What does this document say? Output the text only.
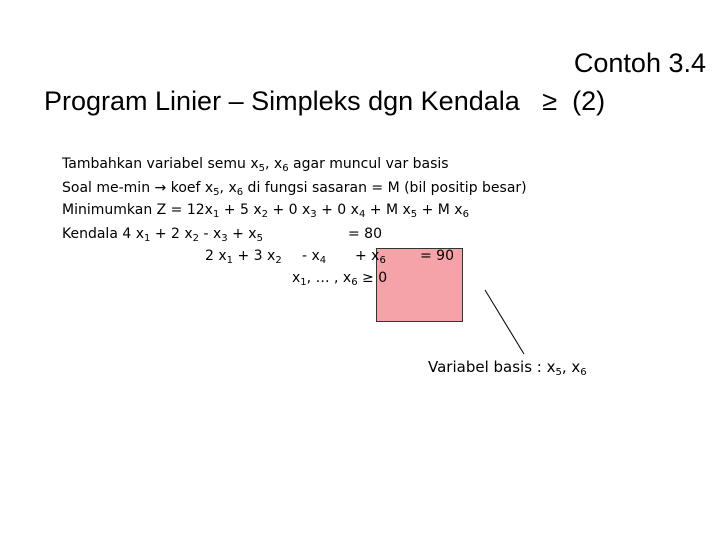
Contoh 3.4
Program Linier – Simpleks dgn Kendala ≥ (2)
Tambahkan variabel semu $x_5$, $x_6$ agar muncul var basis
Soal me-min → koef $x_5$, $x_6$ di fungsi sasaran = M (bil positip besar)
Minimumkan $Z = 12x_1 + 5$ $x_2 + 0$ $x_3 + 0$ $x_4 + M$ $x_5 + M$ $x_6$
Kendala 4 $x_1 + 2$ $x_2 - x_3 + x_5$	= 80
2 $x_1 + 3$ $x_2 - x_4 + x_6 = 90$
$x_1$, … , $x_6 \ge 0$
Variabel basis : $x_5$, $x_6$
